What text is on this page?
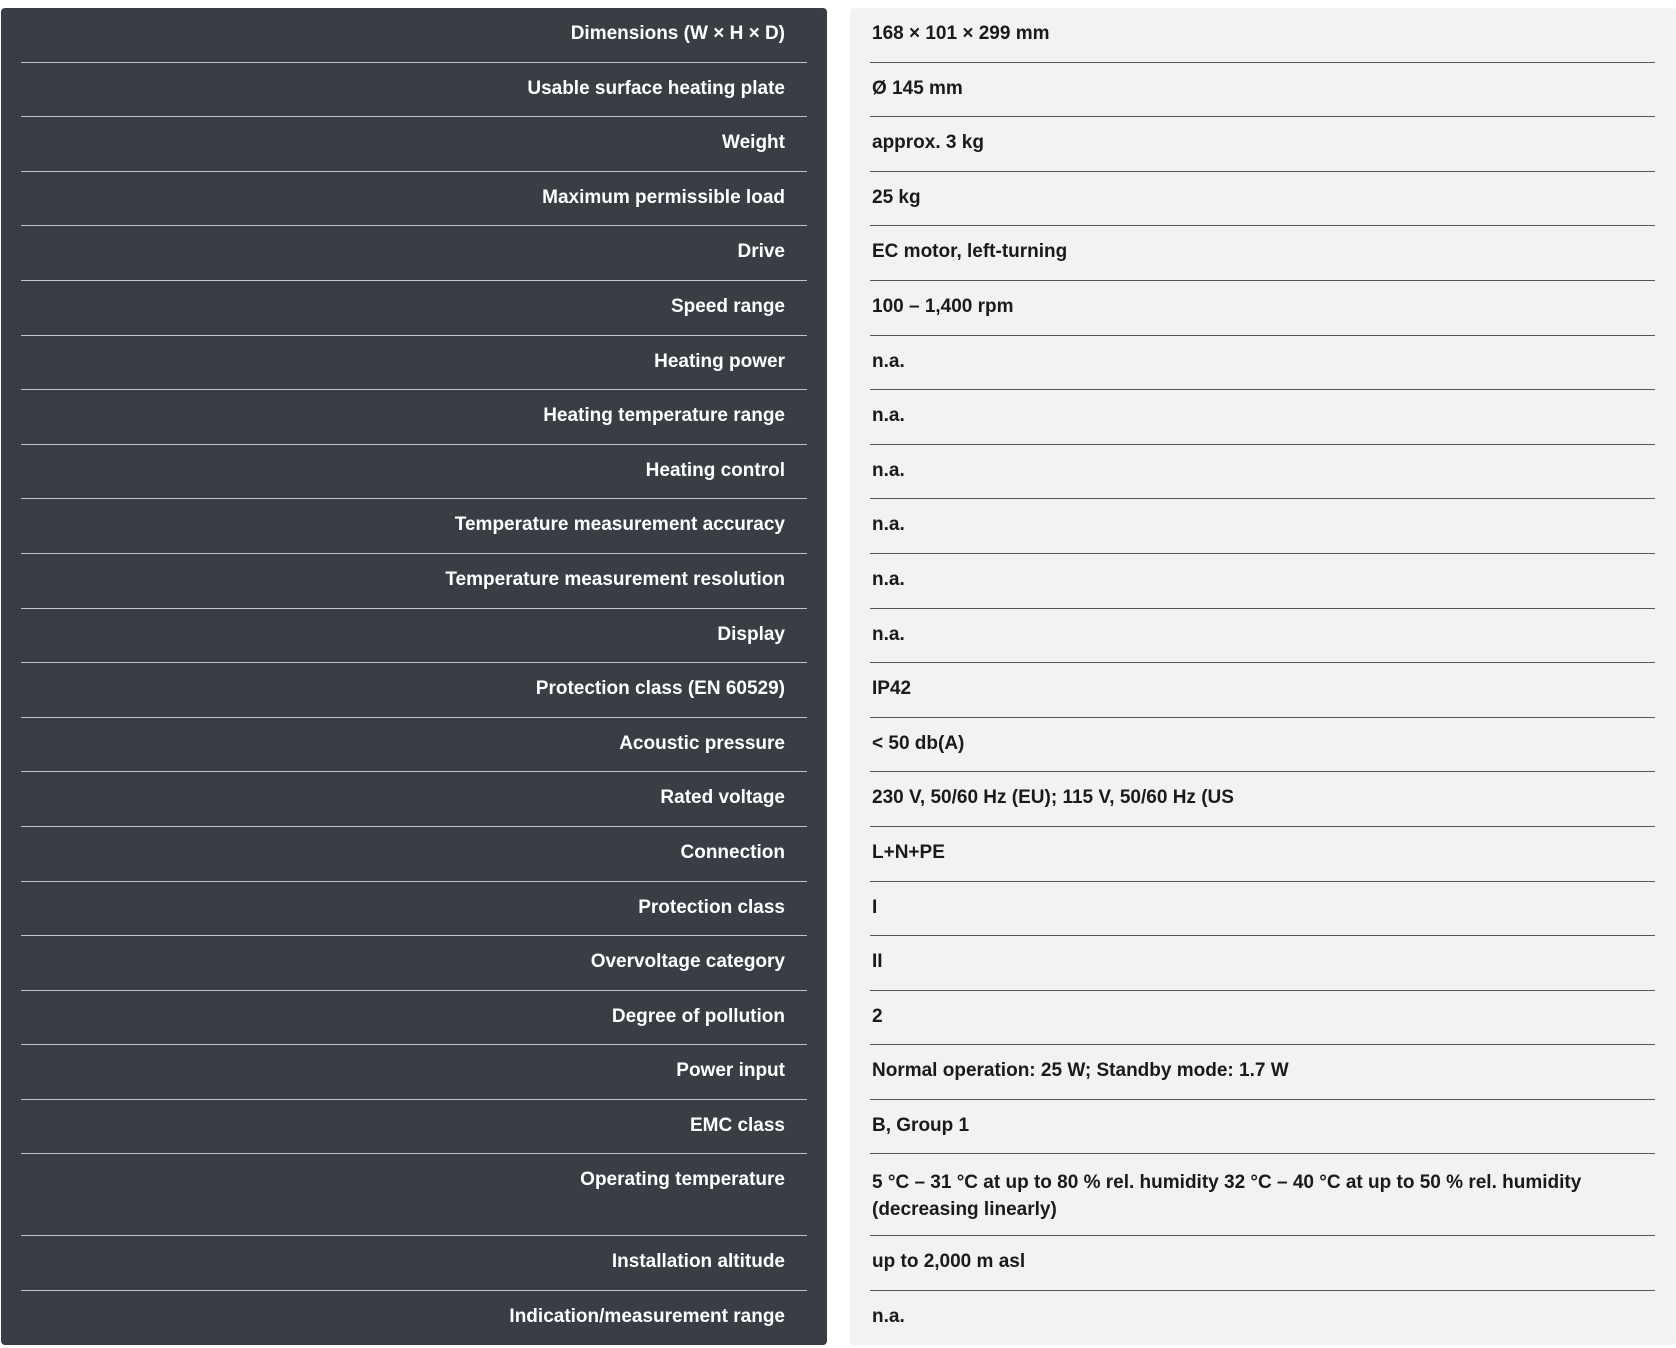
Dimensions (W × H × D)	168 × 101 × 299 mm
Usable surface heating plate	Ø 145 mm
Weight	approx. 3 kg
Maximum permissible load	25 kg
Drive	EC motor, left-turning
Speed range	100 – 1,400 rpm
Heating power	n.a.
Heating temperature range	n.a.
Heating control	n.a.
Temperature measurement accuracy	n.a.
Temperature measurement resolution	n.a.
Display	n.a.
Protection class (EN 60529)	IP42
Acoustic pressure	< 50 db(A)
Rated voltage	230 V, 50/60 Hz (EU); 115 V, 50/60 Hz (US
Connection	L+N+PE
Protection class	I
Overvoltage category	II
Degree of pollution	2
Power input	Normal operation: 25 W; Standby mode: 1.7 W
EMC class	B, Group 1
Operating temperature	5 °C – 31 °C at up to 80 % rel. humidity 32 °C – 40 °C at up to 50 % rel. humidity (decreasing linearly)
Installation altitude	up to 2,000 m asl
Indication/measurement range	n.a.
